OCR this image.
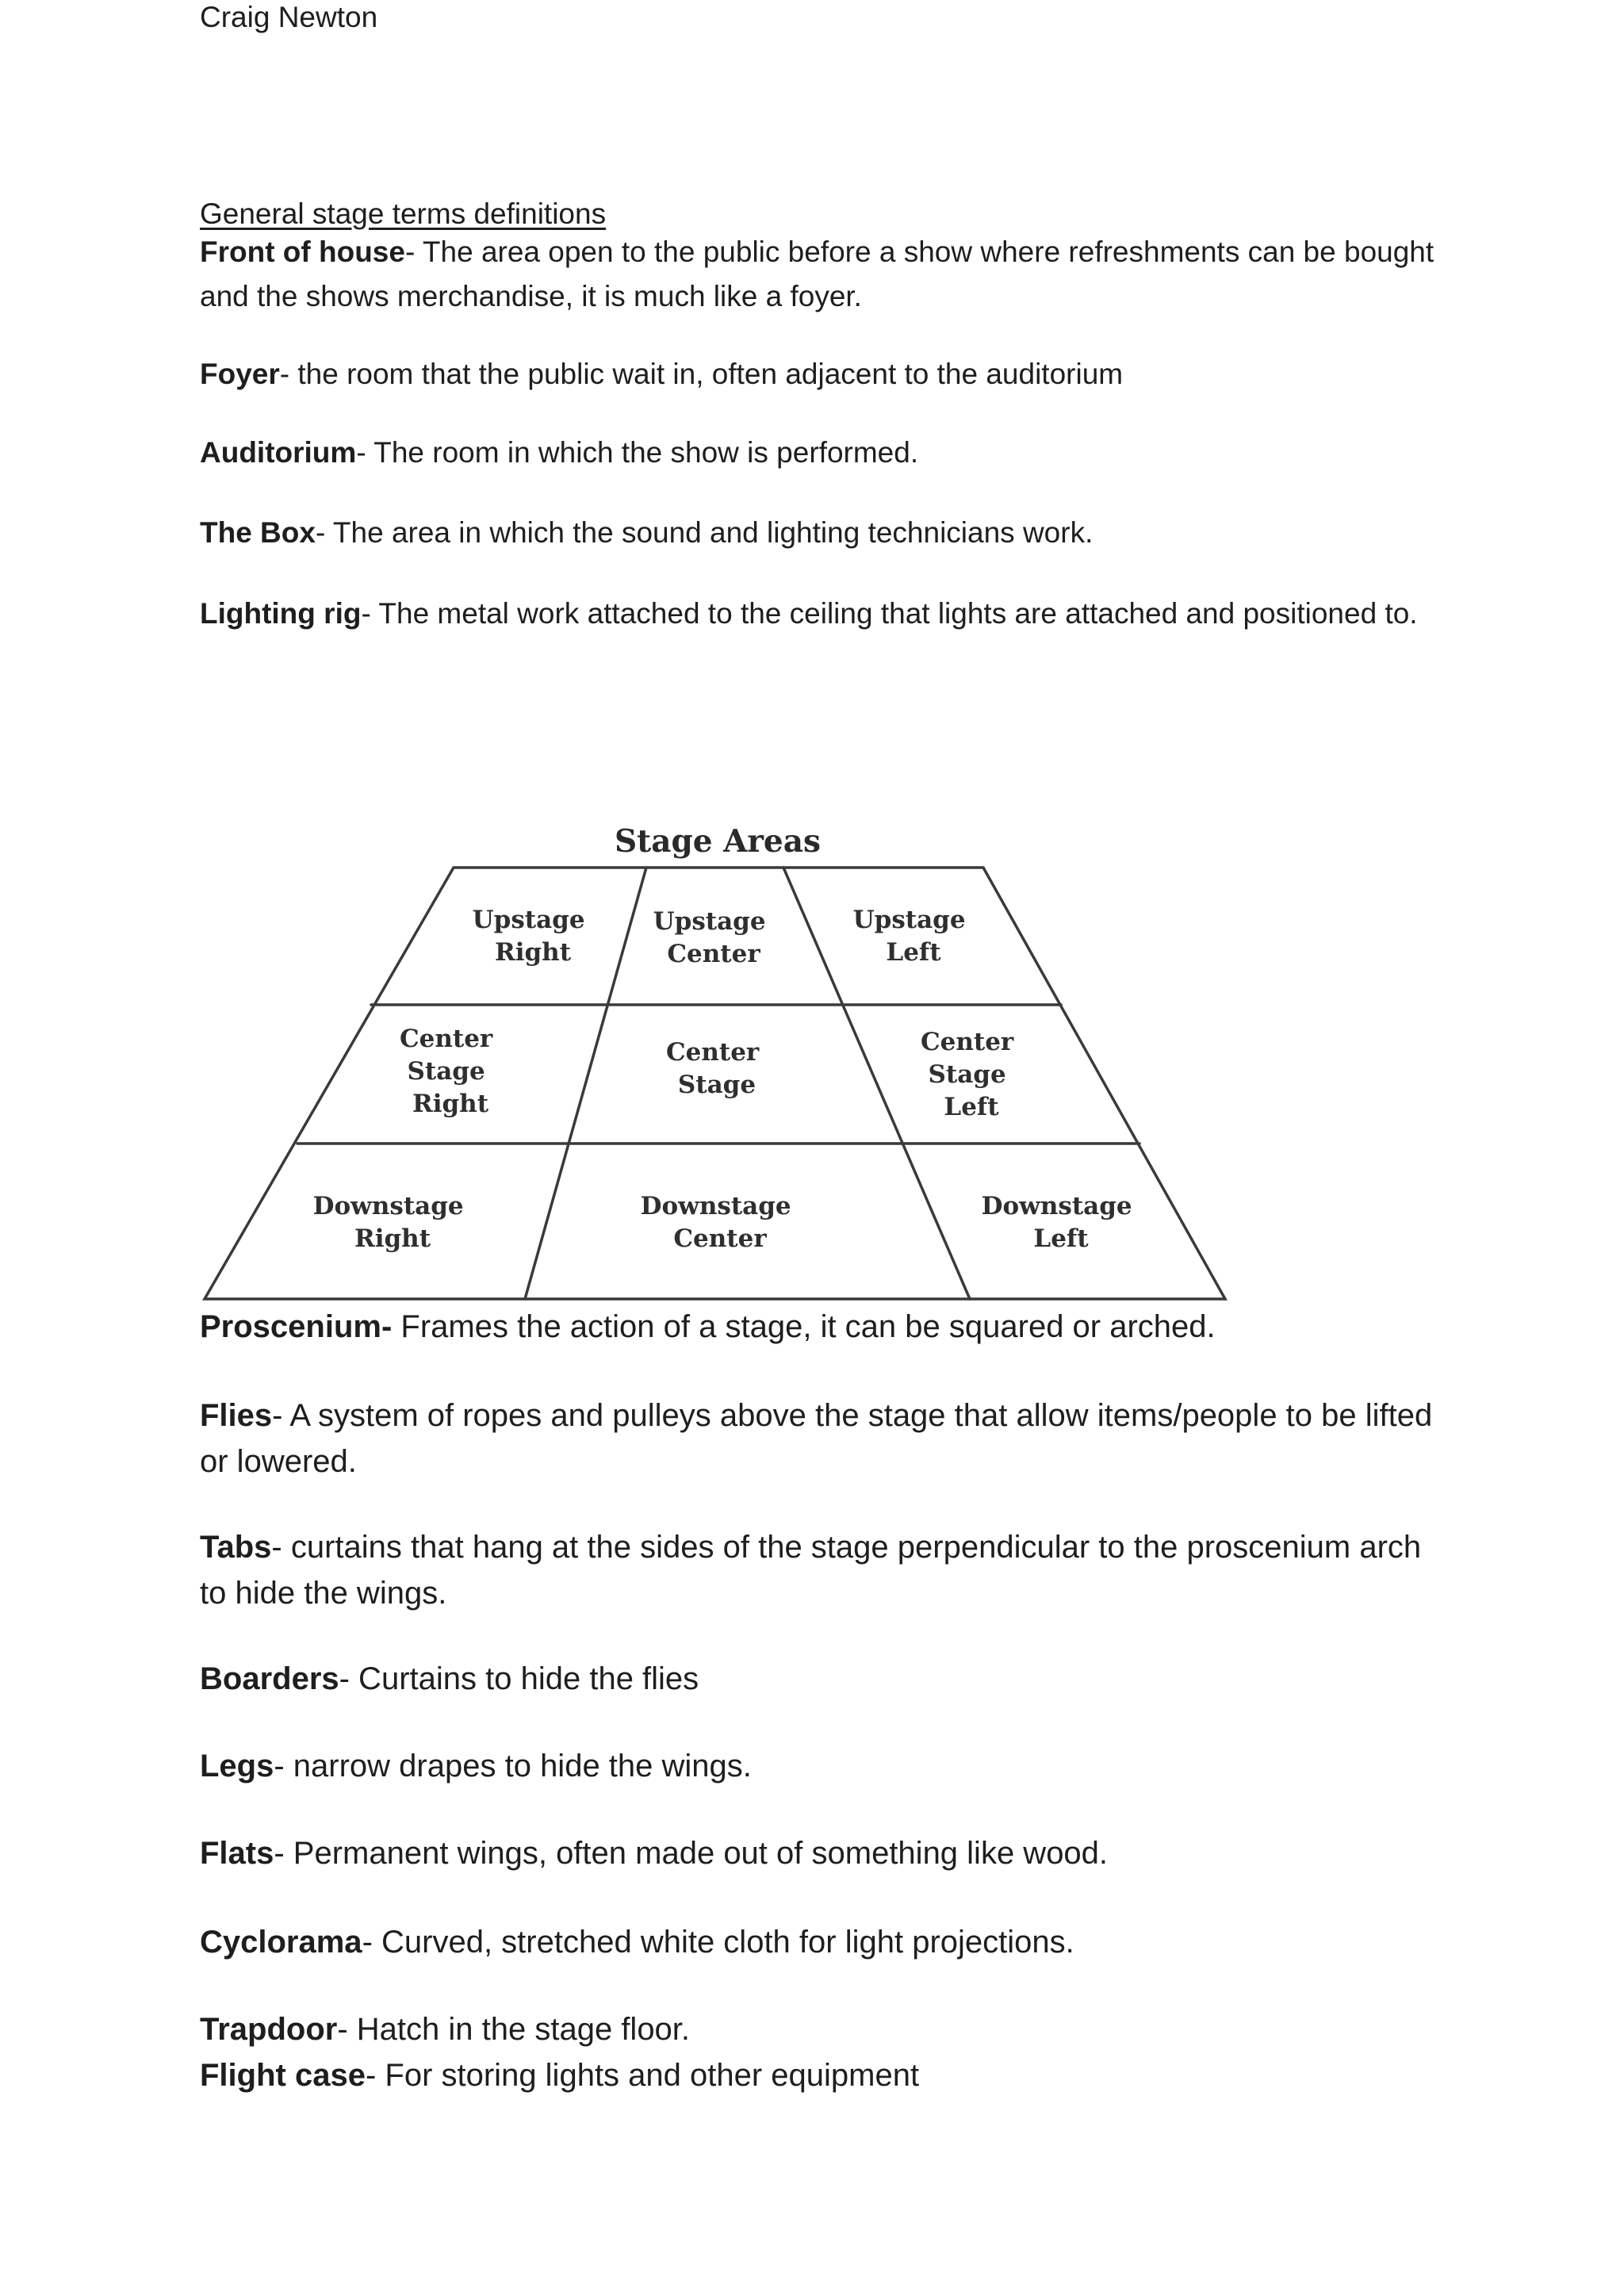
Craig Newton
General stage terms definitions
Front of house- The area open to the public before a show where refreshments can be bought and the shows merchandise, it is much like a foyer.
Foyer- the room that the public wait in, often adjacent to the auditorium
Auditorium- The room in which the show is performed.
The Box- The area in which the sound and lighting technicians work.
Lighting rig- The metal work attached to the ceiling that lights are attached and positioned to.
Stage Areas
Upstage Right
Upstage Center
Upstage Left
Center Stage Right
Center Stage
Center Stage Left
Downstage Right
Downstage Center
Downstage Left
Proscenium- Frames the action of a stage, it can be squared or arched.
Flies- A system of ropes and pulleys above the stage that allow items/people to be lifted or lowered.
Tabs- curtains that hang at the sides of the stage perpendicular to the proscenium arch to hide the wings.
Boarders- Curtains to hide the flies
Legs- narrow drapes to hide the wings.
Flats- Permanent wings, often made out of something like wood.
Cyclorama- Curved, stretched white cloth for light projections.
Trapdoor- Hatch in the stage floor.
Flight case- For storing lights and other equipment
